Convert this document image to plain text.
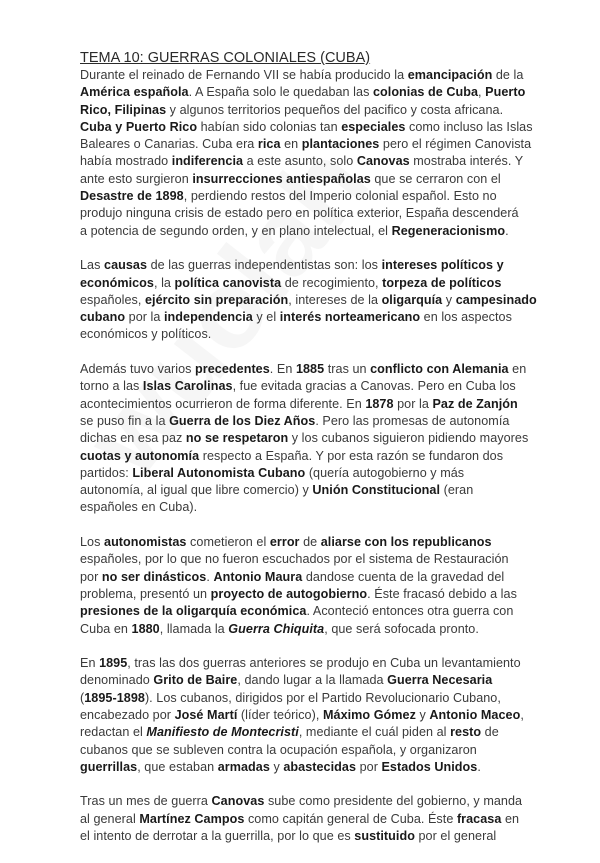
TEMA 10: GUERRAS COLONIALES (CUBA)
Durante el reinado de Fernando VII se había producido la emancipación de la
América española. A España solo le quedaban las colonias de Cuba, Puerto
Rico, Filipinas y algunos territorios pequeños del pacifico y costa africana.
Cuba y Puerto Rico habían sido colonias tan especiales como incluso las Islas
Baleares o Canarias. Cuba era rica en plantaciones pero el régimen Canovista
había mostrado indiferencia a este asunto, solo Canovas mostraba interés. Y
ante esto surgieron insurrecciones antiespañolas que se cerraron con el
Desastre de 1898, perdiendo restos del Imperio colonial español. Esto no
produjo ninguna crisis de estado pero en política exterior, España descenderá
a potencia de segundo orden, y en plano intelectual, el Regeneracionismo.
Las causas de las guerras independentistas son: los intereses políticos y
económicos, la política canovista de recogimiento, torpeza de políticos
españoles, ejército sin preparación, intereses de la oligarquía y campesinado
cubano por la independencia y el interés norteamericano en los aspectos
económicos y políticos.
Además tuvo varios precedentes. En 1885 tras un conflicto con Alemania en
torno a las Islas Carolinas, fue evitada gracias a Canovas. Pero en Cuba los
acontecimientos ocurrieron de forma diferente. En 1878 por la Paz de Zanjón
se puso fin a la Guerra de los Diez Años. Pero las promesas de autonomía
dichas en esa paz no se respetaron y los cubanos siguieron pidiendo mayores
cuotas y autonomía respecto a España. Y por esta razón se fundaron dos
partidos: Liberal Autonomista Cubano (quería autogobierno y más
autonomía, al igual que libre comercio) y Unión Constitucional (eran
españoles en Cuba).
Los autonomistas cometieron el error de aliarse con los republicanos
españoles, por lo que no fueron escuchados por el sistema de Restauración
por no ser dinásticos. Antonio Maura dandose cuenta de la gravedad del
problema, presentó un proyecto de autogobierno. Éste fracasó debido a las
presiones de la oligarquía económica. Aconteció entonces otra guerra con
Cuba en 1880, llamada la Guerra Chiquita, que será sofocada pronto.
En 1895, tras las dos guerras anteriores se produjo en Cuba un levantamiento
denominado Grito de Baire, dando lugar a la llamada Guerra Necesaria
(1895-1898). Los cubanos, dirigidos por el Partido Revolucionario Cubano,
encabezado por José Martí (líder teórico), Máximo Gómez y Antonio Maceo,
redactan el Manifiesto de Montecristi, mediante el cuál piden al resto de
cubanos que se subleven contra la ocupación española, y organizaron
guerrillas, que estaban armadas y abastecidas por Estados Unidos.
Tras un mes de guerra Canovas sube como presidente del gobierno, y manda
al general Martínez Campos como capitán general de Cuba. Éste fracasa en
el intento de derrotar a la guerrilla, por lo que es sustituido por el general
